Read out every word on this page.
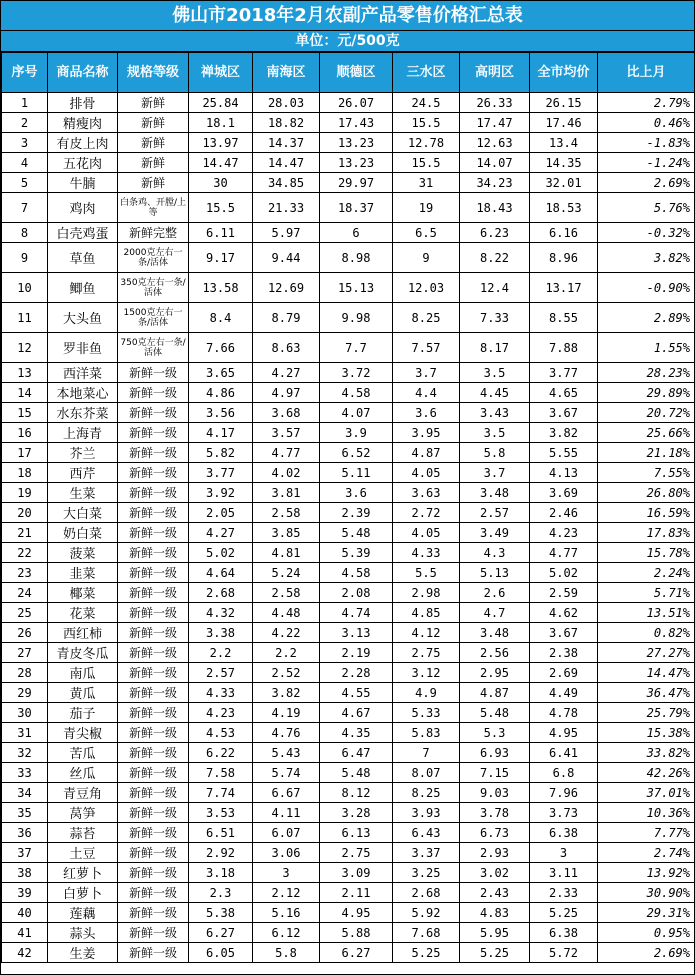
佛山市2018年2月农副产品零售价格汇总表
单位：元/500克
序号	商品名称	规格等级	禅城区	南海区	顺德区	三水区	高明区	全市均价	比上月
1	排骨	新鲜	25.84	28.03	26.07	24.5	26.33	26.15	2.79%
2	精瘦肉	新鲜	18.1	18.82	17.43	15.5	17.47	17.46	0.46%
3	有皮上肉	新鲜	13.97	14.37	13.23	12.78	12.63	13.4	-1.83%
4	五花肉	新鲜	14.47	14.47	13.23	15.5	14.07	14.35	-1.24%
5	牛腩	新鲜	30	34.85	29.97	31	34.23	32.01	2.69%
7	鸡肉	白条鸡、开膛/上等	15.5	21.33	18.37	19	18.43	18.53	5.76%
8	白壳鸡蛋	新鲜完整	6.11	5.97	6	6.5	6.23	6.16	-0.32%
9	草鱼	2000克左右一条/活体	9.17	9.44	8.98	9	8.22	8.96	3.82%
10	鲫鱼	350克左右一条/活体	13.58	12.69	15.13	12.03	12.4	13.17	-0.90%
11	大头鱼	1500克左右一条/活体	8.4	8.79	9.98	8.25	7.33	8.55	2.89%
12	罗非鱼	750克左右一条/活体	7.66	8.63	7.7	7.57	8.17	7.88	1.55%
13	西洋菜	新鲜一级	3.65	4.27	3.72	3.7	3.5	3.77	28.23%
14	本地菜心	新鲜一级	4.86	4.97	4.58	4.4	4.45	4.65	29.89%
15	水东芥菜	新鲜一级	3.56	3.68	4.07	3.6	3.43	3.67	20.72%
16	上海青	新鲜一级	4.17	3.57	3.9	3.95	3.5	3.82	25.66%
17	芥兰	新鲜一级	5.82	4.77	6.52	4.87	5.8	5.55	21.18%
18	西芹	新鲜一级	3.77	4.02	5.11	4.05	3.7	4.13	7.55%
19	生菜	新鲜一级	3.92	3.81	3.6	3.63	3.48	3.69	26.80%
20	大白菜	新鲜一级	2.05	2.58	2.39	2.72	2.57	2.46	16.59%
21	奶白菜	新鲜一级	4.27	3.85	5.48	4.05	3.49	4.23	17.83%
22	菠菜	新鲜一级	5.02	4.81	5.39	4.33	4.3	4.77	15.78%
23	韭菜	新鲜一级	4.64	5.24	4.58	5.5	5.13	5.02	2.24%
24	椰菜	新鲜一级	2.68	2.58	2.08	2.98	2.6	2.59	5.71%
25	花菜	新鲜一级	4.32	4.48	4.74	4.85	4.7	4.62	13.51%
26	西红柿	新鲜一级	3.38	4.22	3.13	4.12	3.48	3.67	0.82%
27	青皮冬瓜	新鲜一级	2.2	2.2	2.19	2.75	2.56	2.38	27.27%
28	南瓜	新鲜一级	2.57	2.52	2.28	3.12	2.95	2.69	14.47%
29	黄瓜	新鲜一级	4.33	3.82	4.55	4.9	4.87	4.49	36.47%
30	茄子	新鲜一级	4.23	4.19	4.67	5.33	5.48	4.78	25.79%
31	青尖椒	新鲜一级	4.53	4.76	4.35	5.83	5.3	4.95	15.38%
32	苦瓜	新鲜一级	6.22	5.43	6.47	7	6.93	6.41	33.82%
33	丝瓜	新鲜一级	7.58	5.74	5.48	8.07	7.15	6.8	42.26%
34	青豆角	新鲜一级	7.74	6.67	8.12	8.25	9.03	7.96	37.01%
35	莴笋	新鲜一级	3.53	4.11	3.28	3.93	3.78	3.73	10.36%
36	蒜苔	新鲜一级	6.51	6.07	6.13	6.43	6.73	6.38	7.77%
37	土豆	新鲜一级	2.92	3.06	2.75	3.37	2.93	3	2.74%
38	红萝卜	新鲜一级	3.18	3	3.09	3.25	3.02	3.11	13.92%
39	白萝卜	新鲜一级	2.3	2.12	2.11	2.68	2.43	2.33	30.90%
40	莲藕	新鲜一级	5.38	5.16	4.95	5.92	4.83	5.25	29.31%
41	蒜头	新鲜一级	6.27	6.12	5.88	7.68	5.95	6.38	0.95%
42	生姜	新鲜一级	6.05	5.8	6.27	5.25	5.25	5.72	2.69%
